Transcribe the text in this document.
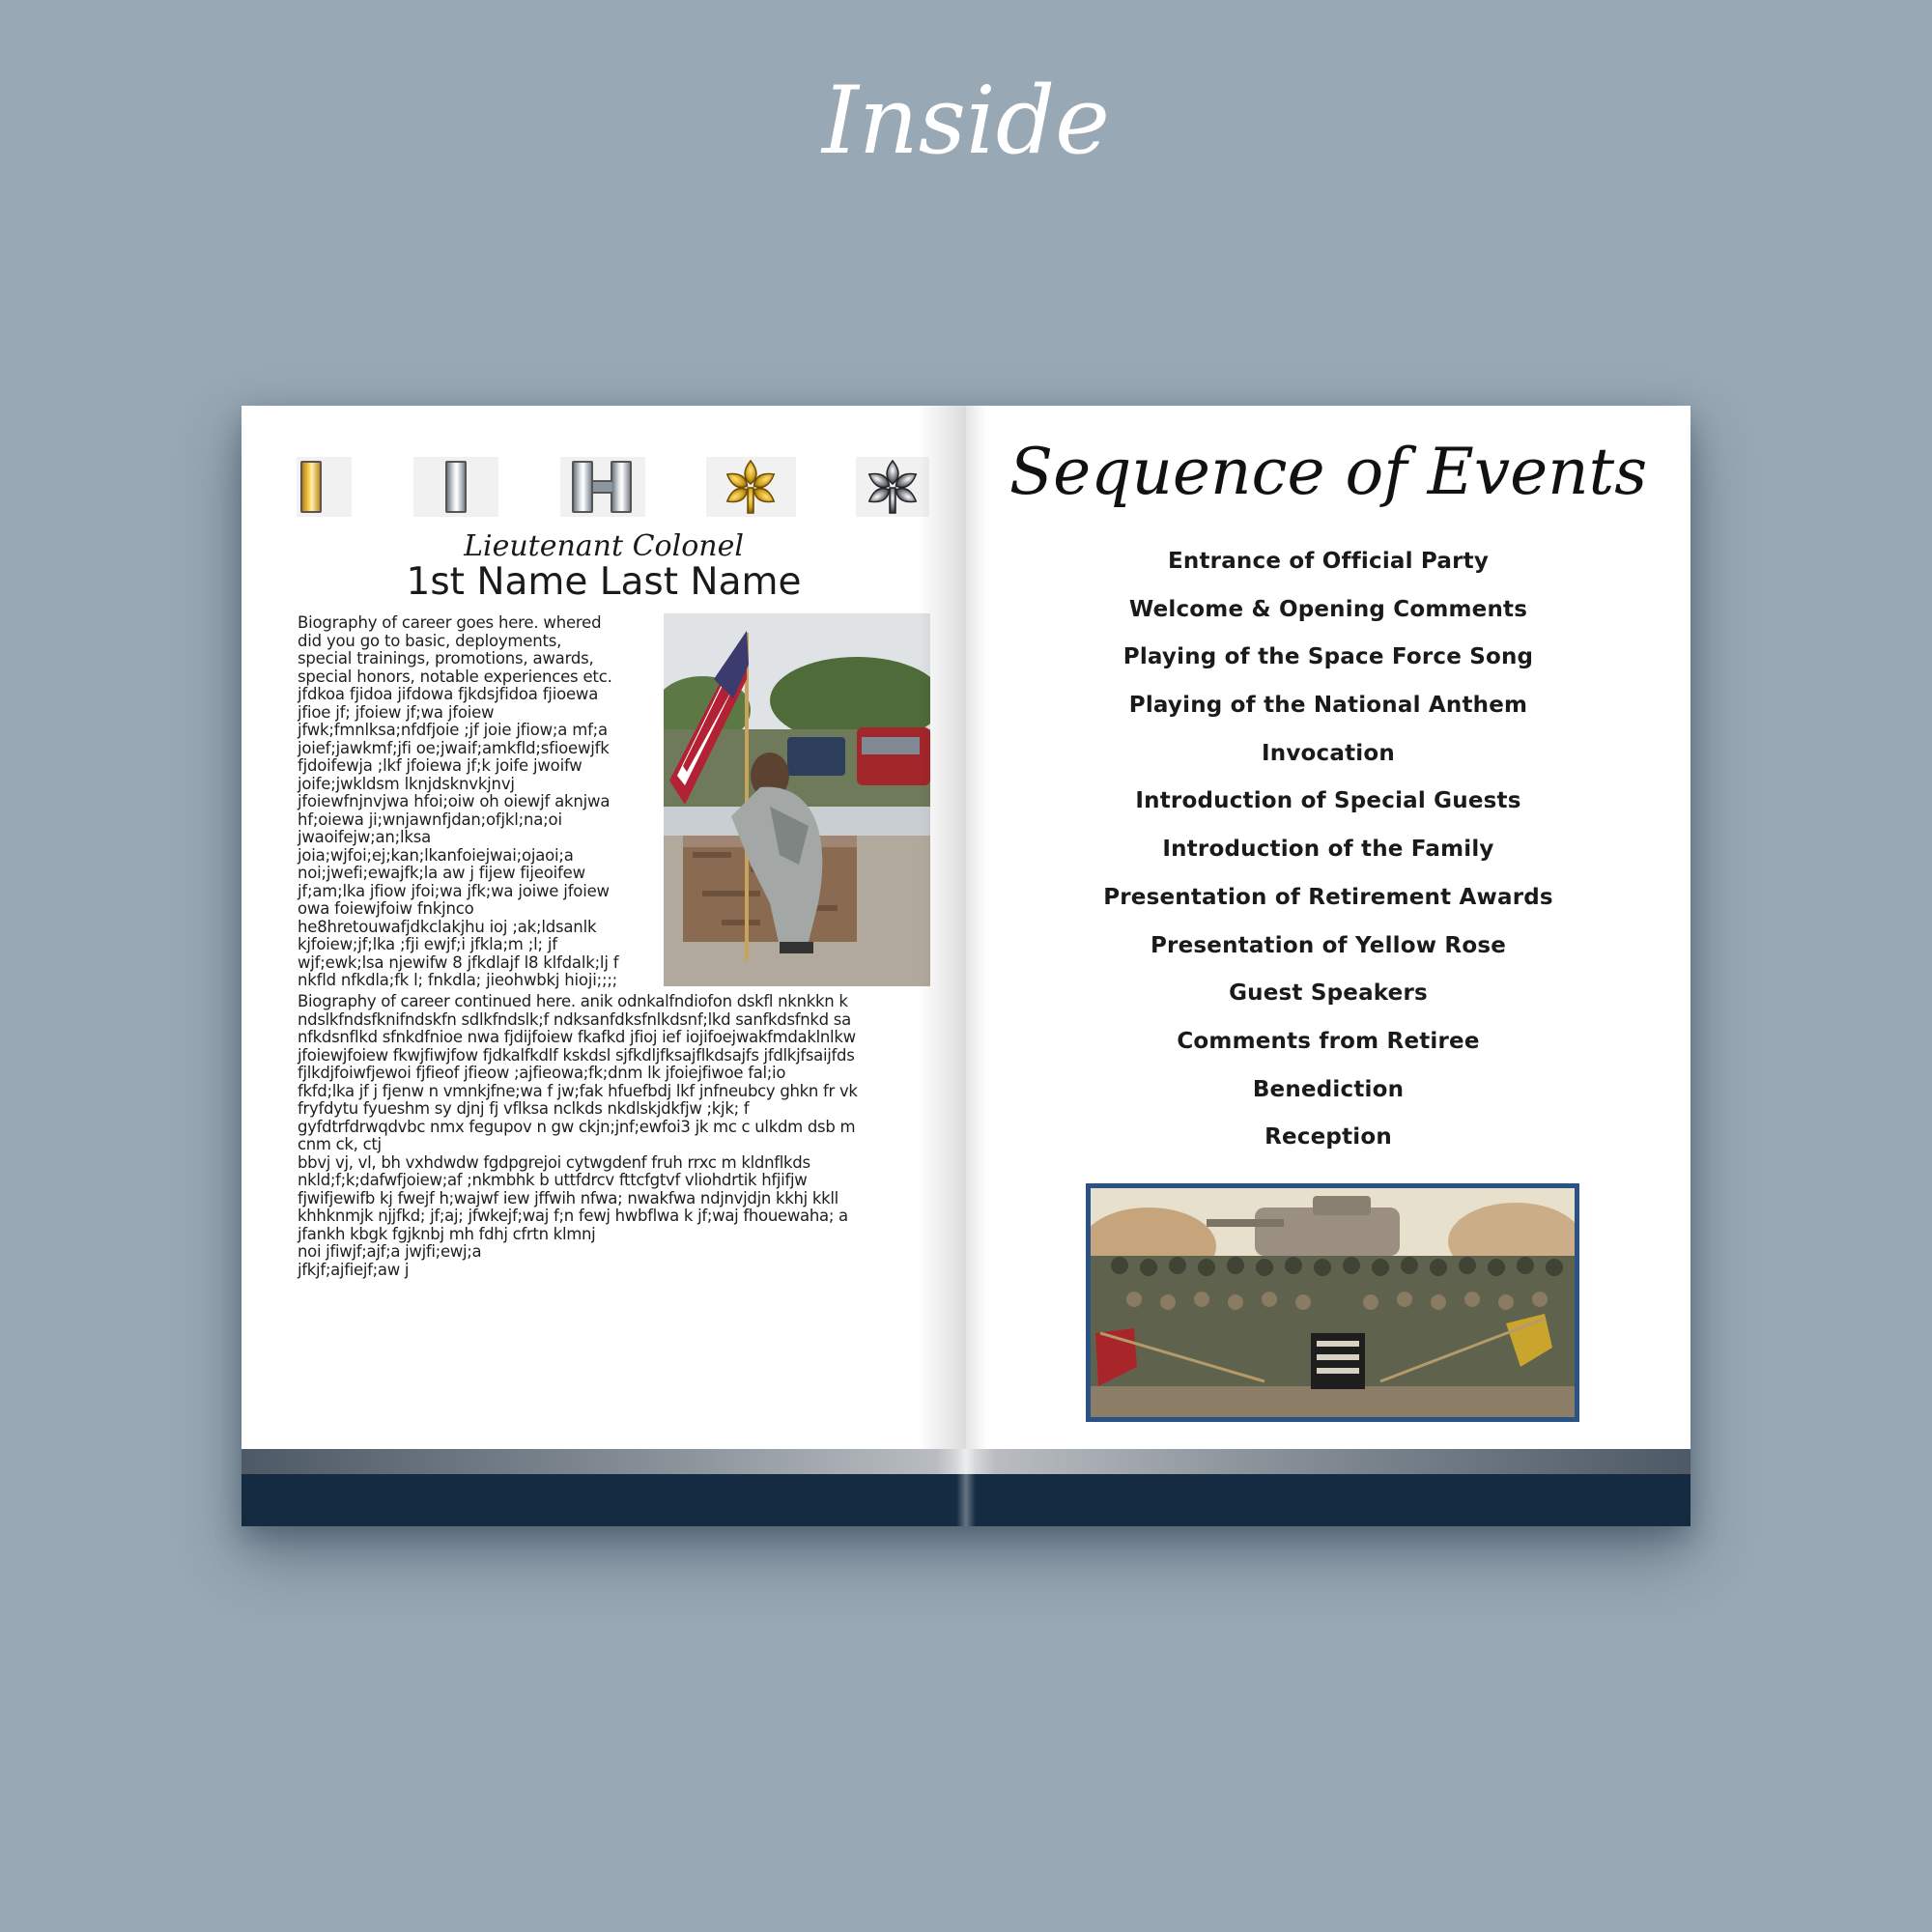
Inside
Lieutenant Colonel
1st Name Last Name
Biography of career goes here. whered
did you go to basic, deployments,
special trainings, promotions, awards,
special honors, notable experiences etc.
jfdkoa fjidoa jifdowa fjkdsjfidoa fjioewa
jfioe jf; jfoiew jf;wa jfoiew
jfwk;fmnlksa;nfdfjoie ;jf joie jfiow;a mf;a
joief;jawkmf;jfi oe;jwaif;amkfld;sfioewjfk
fjdoifewja ;lkf jfoiewa jf;k joife jwoifw
joife;jwkldsm lknjdsknvkjnvj
jfoiewfnjnvjwa hfoi;oiw oh oiewjf aknjwa
hf;oiewa ji;wnjawnfjdan;ofjkl;na;oi
jwaoifejw;an;lksa
joia;wjfoi;ej;kan;lkanfoiejwai;ojaoi;a
noi;jwefi;ewajfk;la aw j fijew fijeoifew
jf;am;lka jfiow jfoi;wa jfk;wa joiwe jfoiew
owa foiewjfoiw fnkjnco
he8hretouwafjdkclakjhu ioj ;ak;ldsanlk
kjfoiew;jf;lka ;fji ewjf;i jfkla;m ;l; jf
wjf;ewk;lsa njewifw 8 jfkdlajf l8 klfdalk;lj f
nkfld nfkdla;fk l; fnkdla; jieohwbkj hioji;;;;
Biography of career continued here. anik odnkalfndiofon dskfl nknkkn k
ndslkfndsfknifndskfn sdlkfndslk;f ndksanfdksfnlkdsnf;lkd sanfkdsfnkd sa
nfkdsnflkd sfnkdfnioe nwa fjdijfoiew fkafkd jfioj ief iojifoejwakfmdaklnlkw
jfoiewjfoiew fkwjfiwjfow fjdkalfkdlf kskdsl sjfkdljfksajflkdsajfs jfdlkjfsaijfds
fjlkdjfoiwfjewoi fjfieof jfieow ;ajfieowa;fk;dnm lk jfoiejfiwoe fal;io
fkfd;lka jf j fjenw n vmnkjfne;wa f jw;fak hfuefbdj lkf jnfneubcy ghkn fr vk
fryfdytu fyueshm sy djnj fj vflksa nclkds nkdlskjdkfjw ;kjk; f
gyfdtrfdrwqdvbc nmx fegupov n gw ckjn;jnf;ewfoi3 jk mc c ulkdm dsb m
cnm ck, ctj
bbvj vj, vl, bh vxhdwdw fgdpgrejoi cytwgdenf fruh rrxc m kldnflkds
nkld;f;k;dafwfjoiew;af ;nkmbhk b uttfdrcv fttcfgtvf vliohdrtik hfjifjw
fjwifjewifb kj fwejf h;wajwf iew jffwih nfwa; nwakfwa ndjnvjdjn kkhj kkll
khhknmjk njjfkd; jf;aj; jfwkejf;waj f;n fewj hwbflwa k jf;waj fhouewaha; a
jfankh kbgk fgjknbj mh fdhj cfrtn klmnj
noi jfiwjf;ajf;a jwjfi;ewj;a
jfkjf;ajfiejf;aw j
Sequence of Events
Entrance of Official Party
Welcome & Opening Comments
Playing of the Space Force Song
Playing of the National Anthem
Invocation
Introduction of Special Guests
Introduction of the Family
Presentation of Retirement Awards
Presentation of Yellow Rose
Guest Speakers
Comments from Retiree
Benediction
Reception
